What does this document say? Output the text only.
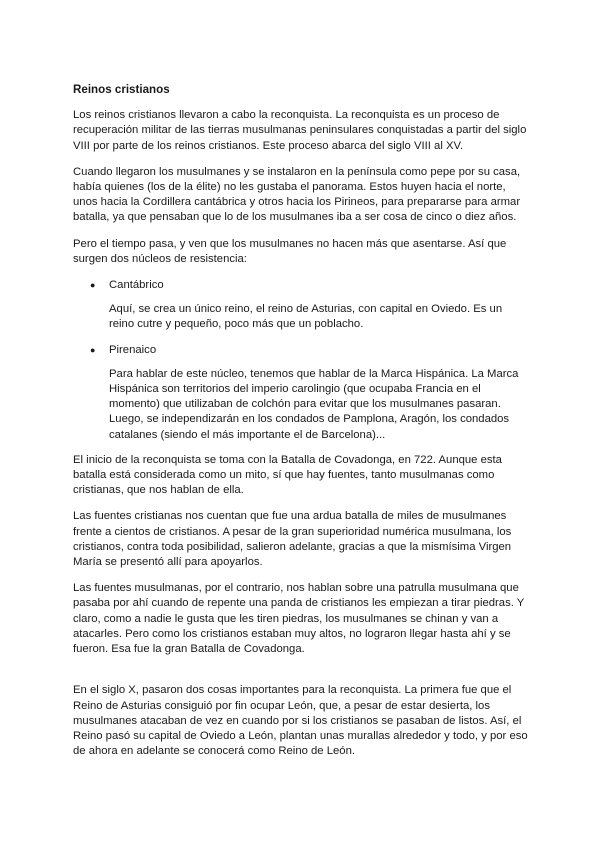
Reinos cristianos

Los reinos cristianos llevaron a cabo la reconquista. La reconquista es un proceso de recuperación militar de las tierras musulmanas peninsulares conquistadas a partir del siglo VIII por parte de los reinos cristianos. Este proceso abarca del siglo VIII al XV.

Cuando llegaron los musulmanes y se instalaron en la península como pepe por su casa, había quienes (los de la élite) no les gustaba el panorama. Estos huyen hacia el norte, unos hacia la Cordillera cantábrica y otros hacia los Pirineos, para prepararse para armar batalla, ya que pensaban que lo de los musulmanes iba a ser cosa de cinco o diez años.

Pero el tiempo pasa, y ven que los musulmanes no hacen más que asentarse. Así que surgen dos núcleos de resistencia:

● Cantábrico
Aquí, se crea un único reino, el reino de Asturias, con capital en Oviedo. Es un reino cutre y pequeño, poco más que un poblacho.
● Pirenaico
Para hablar de este núcleo, tenemos que hablar de la Marca Hispánica. La Marca Hispánica son territorios del imperio carolingio (que ocupaba Francia en el momento) que utilizaban de colchón para evitar que los musulmanes pasaran. Luego, se independizarán en los condados de Pamplona, Aragón, los condados catalanes (siendo el más importante el de Barcelona)...

El inicio de la reconquista se toma con la Batalla de Covadonga, en 722. Aunque esta batalla está considerada como un mito, sí que hay fuentes, tanto musulmanas como cristianas, que nos hablan de ella.

Las fuentes cristianas nos cuentan que fue una ardua batalla de miles de musulmanes frente a cientos de cristianos. A pesar de la gran superioridad numérica musulmana, los cristianos, contra toda posibilidad, salieron adelante, gracias a que la mismísima Virgen María se presentó allí para apoyarlos.

Las fuentes musulmanas, por el contrario, nos hablan sobre una patrulla musulmana que pasaba por ahí cuando de repente una panda de cristianos les empiezan a tirar piedras. Y claro, como a nadie le gusta que les tiren piedras, los musulmanes se chinan y van a atacarles. Pero como los cristianos estaban muy altos, no lograron llegar hasta ahí y se fueron. Esa fue la gran Batalla de Covadonga.

En el siglo X, pasaron dos cosas importantes para la reconquista. La primera fue que el Reino de Asturias consiguió por fin ocupar León, que, a pesar de estar desierta, los musulmanes atacaban de vez en cuando por si los cristianos se pasaban de listos. Así, el Reino pasó su capital de Oviedo a León, plantan unas murallas alrededor y todo, y por eso de ahora en adelante se conocerá como Reino de León.
